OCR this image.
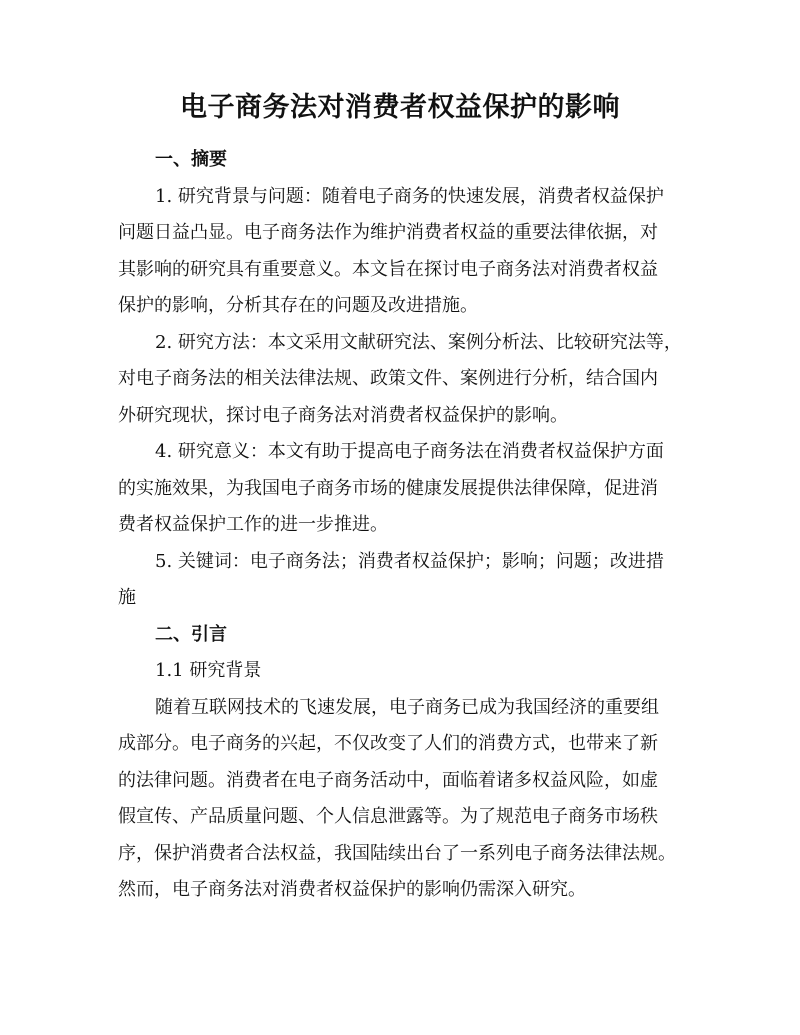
电子商务法对消费者权益保护的影响
一、摘要
1. 研究背景与问题：随着电子商务的快速发展，消费者权益保护
问题日益凸显。电子商务法作为维护消费者权益的重要法律依据，对
其影响的研究具有重要意义。本文旨在探讨电子商务法对消费者权益
保护的影响，分析其存在的问题及改进措施。
2. 研究方法：本文采用文献研究法、案例分析法、比较研究法等，
对电子商务法的相关法律法规、政策文件、案例进行分析，结合国内
外研究现状，探讨电子商务法对消费者权益保护的影响。
4. 研究意义：本文有助于提高电子商务法在消费者权益保护方面
的实施效果，为我国电子商务市场的健康发展提供法律保障，促进消
费者权益保护工作的进一步推进。
5. 关键词：电子商务法；消费者权益保护；影响；问题；改进措
施
二、引言
1.1 研究背景
随着互联网技术的飞速发展，电子商务已成为我国经济的重要组
成部分。电子商务的兴起，不仅改变了人们的消费方式，也带来了新
的法律问题。消费者在电子商务活动中，面临着诸多权益风险，如虚
假宣传、产品质量问题、个人信息泄露等。为了规范电子商务市场秩
序，保护消费者合法权益，我国陆续出台了一系列电子商务法律法规。
然而，电子商务法对消费者权益保护的影响仍需深入研究。
